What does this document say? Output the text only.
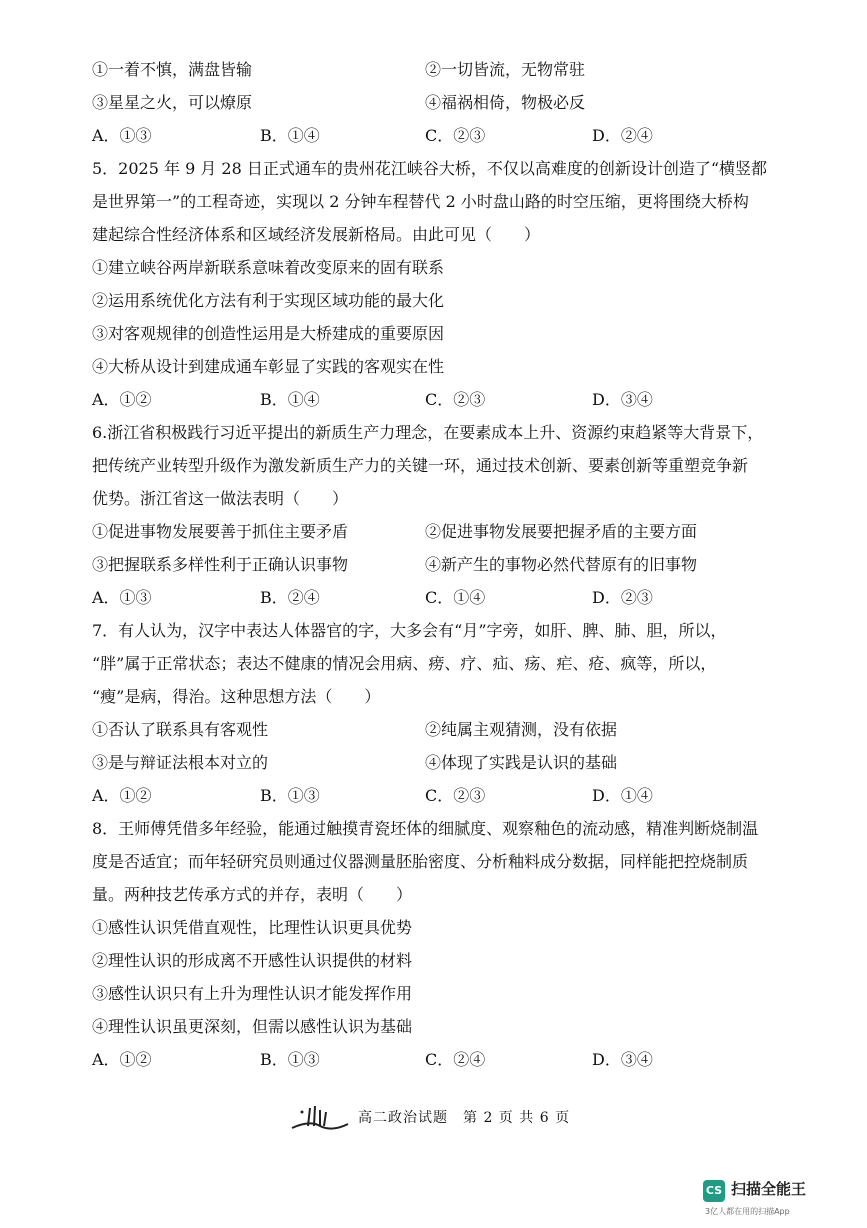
①一着不慎，满盘皆输	②一切皆流，无物常驻
③星星之火，可以燎原	④福祸相倚，物极必反
A．①③	B．①④	C．②③	D．②④
5．2025 年 9 月 28 日正式通车的贵州花江峡谷大桥，不仅以高难度的创新设计创造了“横竖都
是世界第一”的工程奇迹，实现以 2 分钟车程替代 2 小时盘山路的时空压缩，更将围绕大桥构
建起综合性经济体系和区域经济发展新格局。由此可见（　　）
①建立峡谷两岸新联系意味着改变原来的固有联系
②运用系统优化方法有利于实现区域功能的最大化
③对客观规律的创造性运用是大桥建成的重要原因
④大桥从设计到建成通车彰显了实践的客观实在性
A．①②	B．①④	C．②③	D．③④
6.浙江省积极践行习近平提出的新质生产力理念，在要素成本上升、资源约束趋紧等大背景下，
把传统产业转型升级作为激发新质生产力的关键一环，通过技术创新、要素创新等重塑竞争新
优势。浙江省这一做法表明（　　）
①促进事物发展要善于抓住主要矛盾	②促进事物发展要把握矛盾的主要方面
③把握联系多样性利于正确认识事物	④新产生的事物必然代替原有的旧事物
A．①③	B．②④	C．①④	D．②③
7．有人认为，汉字中表达人体器官的字，大多会有“月”字旁，如肝、脾、肺、胆，所以，
“胖”属于正常状态；表达不健康的情况会用病、痨、疗、疝、疡、疟、疮、疯等，所以，
“瘦”是病，得治。这种思想方法（　　）
①否认了联系具有客观性	②纯属主观猜测，没有依据
③是与辩证法根本对立的	④体现了实践是认识的基础
A．①②	B．①③	C．②③	D．①④
8．王师傅凭借多年经验，能通过触摸青瓷坯体的细腻度、观察釉色的流动感，精准判断烧制温
度是否适宜；而年轻研究员则通过仪器测量胚胎密度、分析釉料成分数据，同样能把控烧制质
量。两种技艺传承方式的并存，表明（　　）
①感性认识凭借直观性，比理性认识更具优势
②理性认识的形成离不开感性认识提供的材料
③感性认识只有上升为理性认识才能发挥作用
④理性认识虽更深刻，但需以感性认识为基础
A．①②	B．①③	C．②④	D．③④
高二政治试题　第 2 页 共 6 页
CS 扫描全能王
3亿人都在用的扫描App
